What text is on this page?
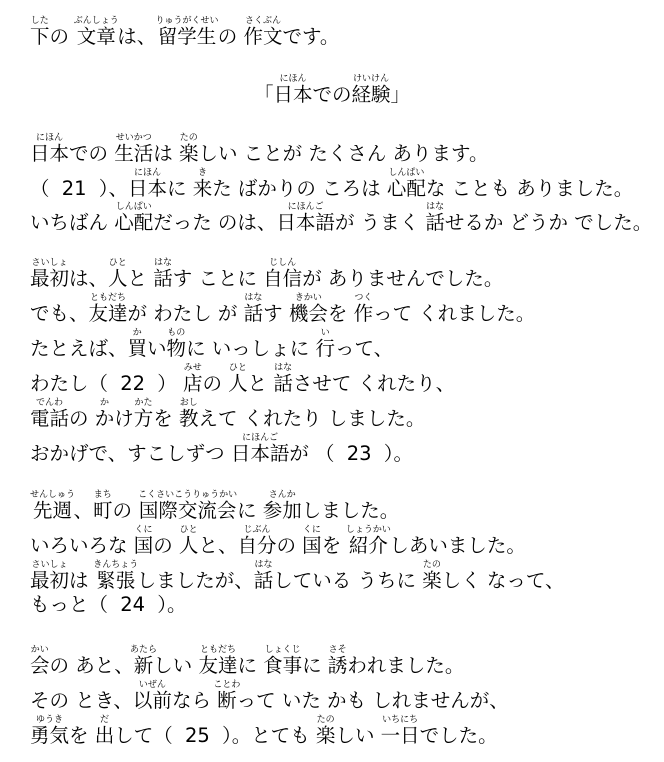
下したの 文章ぶんしょうは、留学生りゅうがくせいの 作文さくぶんです。
「日本にほんでの経験けいけん」
日本にほんでの 生活せいかつは 楽たのしい ことが たくさん あります。
（ 21 ）、日本にほんに 来きた ばかりの ころは 心配しんぱいな ことも ありました。
いちばん 心配しんぱいだった のは、日本語にほんごが うまく 話はなせるか どうか でした。
最初さいしょは、人ひとと 話はなす ことに 自信じしんが ありませんでした。
でも、友達ともだちが わたし が 話はなす 機会きかいを 作つくって くれました。
たとえば、買かい物ものに いっしょに 行いって、
わたし（ 22 ） 店みせの 人ひとと 話はなさせて くれたり、
電話でんわの かかけ方かたを 教おしえて くれたり しました。
おかげで、すこしずつ 日本語にほんごが （ 23 ）。
先週せんしゅう、町まちの 国際交流会こくさいこうりゅうかいに 参加さんかしました。
いろいろな 国くにの 人ひとと、自分じぶんの 国くにを 紹介しょうかいしあいました。
最初さいしょは 緊張きんちょうしましたが、話はなしている うちに 楽たのしく なって、
もっと（ 24 ）。
会かいの あと、新あたらしい 友達ともだちに 食事しょくじに 誘さそわれました。
その とき、以前いぜんなら 断ことわって いた かも しれませんが、
勇気ゆうきを 出だして（ 25 ）。とても 楽たのしい 一日いちにちでした。
